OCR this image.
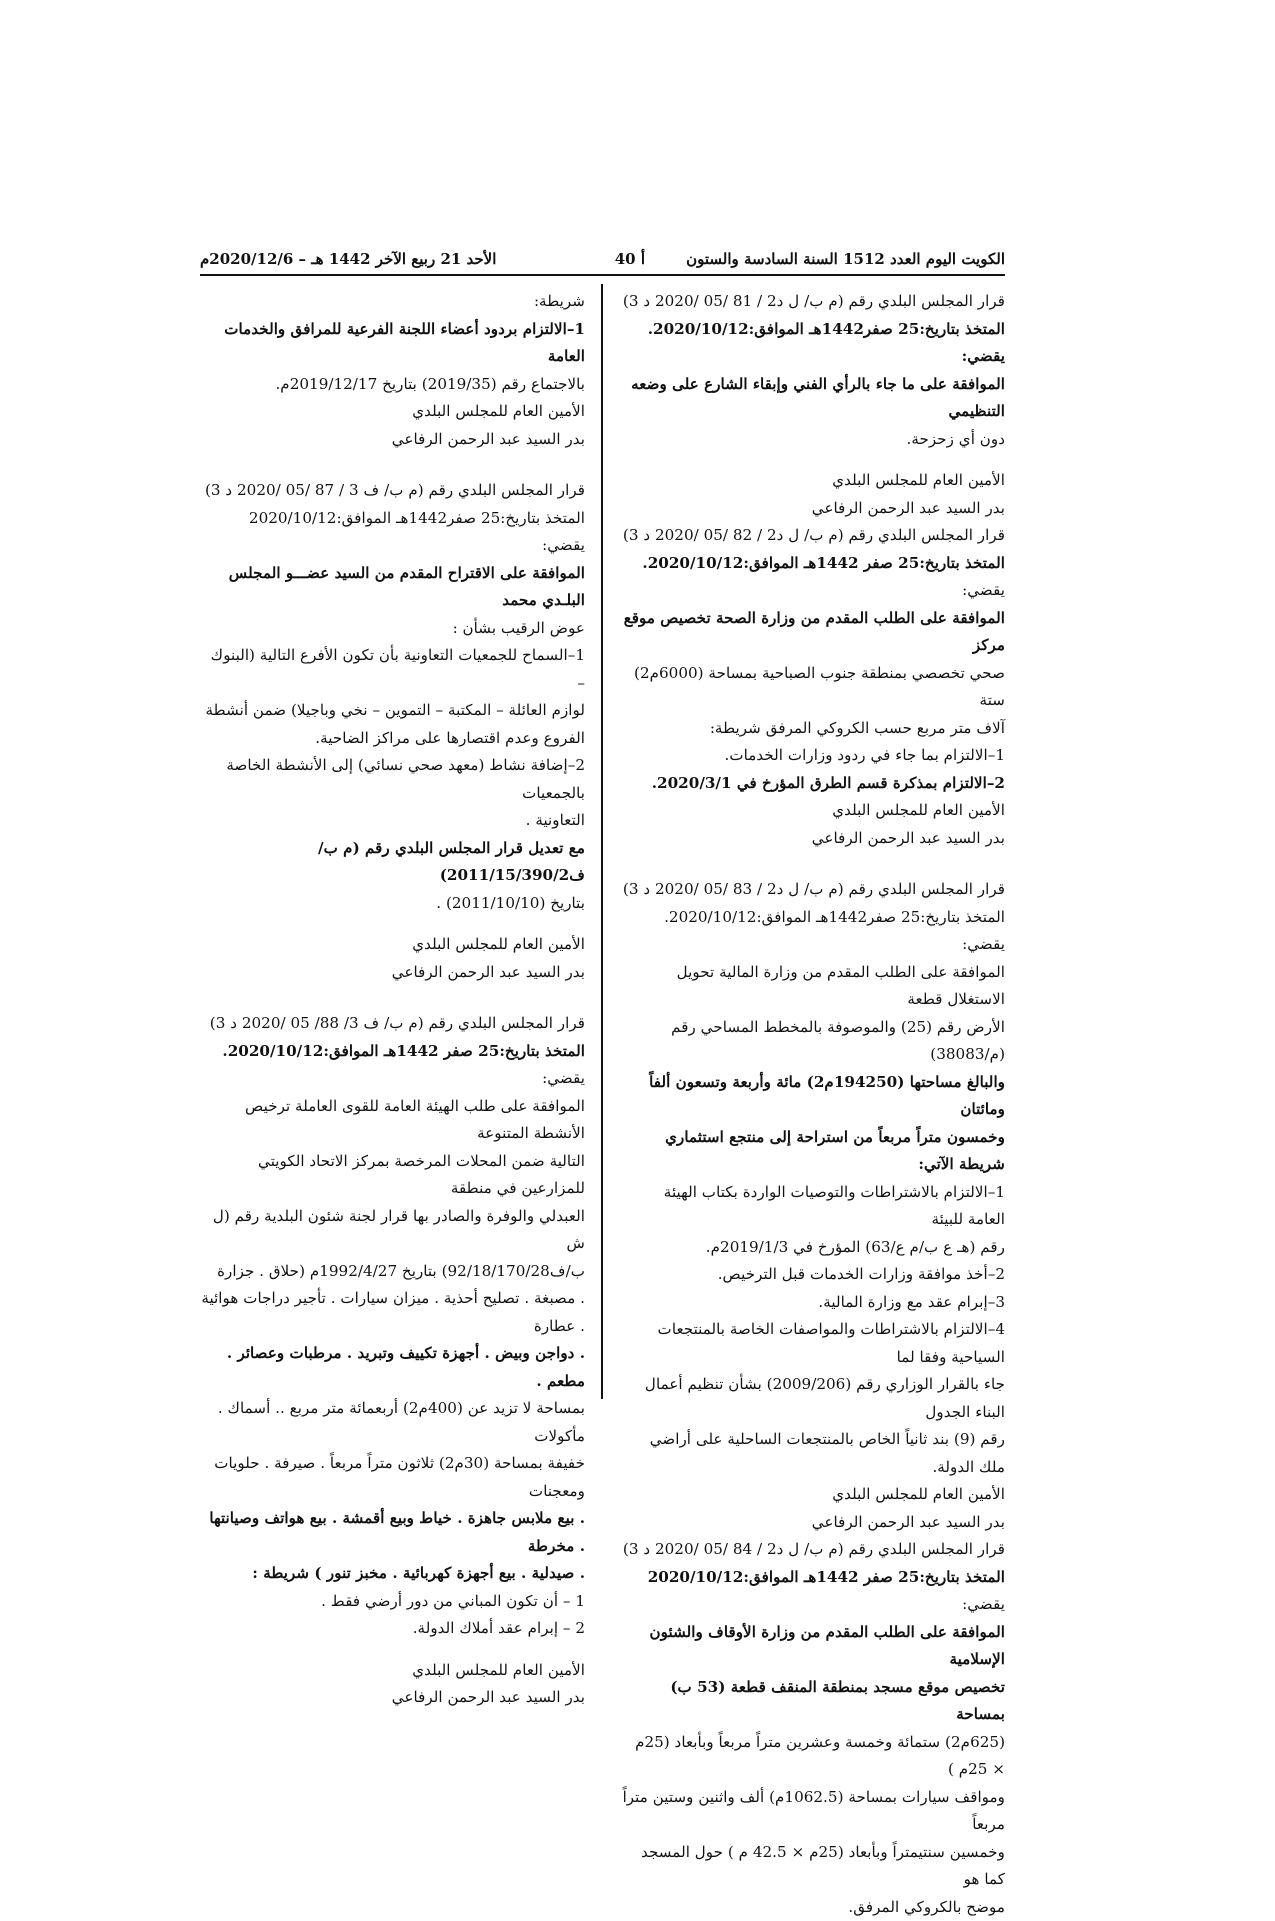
الكويت اليوم العدد 1512 السنة السادسة والستون
أ 40
الأحد 21 ربيع الآخر 1442 هـ – 2020/12/6م

قرار المجلس البلدي رقم (م ب/ ل د2 / 81 /05 /2020 د 3)

المتخذ بتاريخ:25 صفر1442هـ الموافق:2020/10/12.

يقضي:

الموافقة على ما جاء بالرأي الفني وإبقاء الشارع على وضعه التنظيمي

دون أي زحزحة.

الأمين العام للمجلس البلدي

بدر السيد عبد الرحمن الرفاعي

قرار المجلس البلدي رقم (م ب/ ل د2 / 82 /05 /2020 د 3)

المتخذ بتاريخ:25 صفر 1442هـ الموافق:2020/10/12.

يقضي:

الموافقة على الطلب المقدم من وزارة الصحة تخصيص موقع مركز

صحي تخصصي بمنطقة جنوب الصباحية بمساحة (6000م2) ستة

آلاف متر مربع حسب الكروكي المرفق شريطة:

1–الالتزام بما جاء في ردود وزارات الخدمات.

2–الالتزام بمذكرة قسم الطرق المؤرخ في 2020/3/1.

الأمين العام للمجلس البلدي

بدر السيد عبد الرحمن الرفاعي

قرار المجلس البلدي رقم (م ب/ ل د2 / 83 /05 /2020 د 3)

المتخذ بتاريخ:25 صفر1442هـ الموافق:2020/10/12.

يقضي:

الموافقة على الطلب المقدم من وزارة المالية تحويل الاستغلال قطعة

الأرض رقم (25) والموصوفة بالمخطط المساحي رقم (م/38083)

والبالغ مساحتها (194250م2) مائة وأربعة وتسعون ألفاً ومائتان

وخمسون متراً مربعاً من استراحة إلى منتجع استثماري شريطة الآتي:

1–الالتزام بالاشتراطات والتوصيات الواردة بكتاب الهيئة العامة للبيئة

رقم (هـ ع ب/م ع/63) المؤرخ في 2019/1/3م.

2–أخذ موافقة وزارات الخدمات قبل الترخيص.

3–إبرام عقد مع وزارة المالية.

4–الالتزام بالاشتراطات والمواصفات الخاصة بالمنتجعات السياحية وفقا لما

جاء بالقرار الوزاري رقم (2009/206) بشأن تنظيم أعمال البناء الجدول

رقم (9) بند ثانياً الخاص بالمنتجعات الساحلية على أراضي ملك الدولة.

الأمين العام للمجلس البلدي

بدر السيد عبد الرحمن الرفاعي

قرار المجلس البلدي رقم (م ب/ ل د2 / 84 /05 /2020 د 3)

المتخذ بتاريخ:25 صفر 1442هـ الموافق:2020/10/12

يقضي:

الموافقة على الطلب المقدم من وزارة الأوقاف والشئون الإسلامية

تخصيص موقع مسجد بمنطقة المنقف قطعة (53 ب) بمساحة

(625م2) ستمائة وخمسة وعشرين متراً مربعاً وبأبعاد (25م × 25م )

ومواقف سيارات بمساحة (1062.5م) ألف واثنين وستين متراً مربعاً

وخمسين سنتيمتراً وبأبعاد (25م × 42.5 م ) حول المسجد كما هو

موضح بالكروكي المرفق.

شريطة:

1–الالتزام بردود أعضاء اللجنة الفرعية للمرافق والخدمات العامة

بالاجتماع رقم (2019/35) بتاريخ 2019/12/17م.

الأمين العام للمجلس البلدي

بدر السيد عبد الرحمن الرفاعي

قرار المجلس البلدي رقم (م ب/ ف 3 / 87 /05 /2020 د 3)

المتخذ بتاريخ:25 صفر1442هـ الموافق:2020/10/12

يقضي:

الموافقة على الاقتراح المقدم من السيد عضـــو المجلس البلـدي محمد

عوض الرقيب بشأن :

1–السماح للجمعيات التعاونية بأن تكون الأفرع التالية (البنوك –

لوازم العائلة – المكتبة – التموين – نخي وباجيلا) ضمن أنشطة

الفروع وعدم اقتصارها على مراكز الضاحية.

2–إضافة نشاط (معهد صحي نسائي) إلى الأنشطة الخاصة بالجمعيات

التعاونية .

مع تعديل قرار المجلس البلدي رقم (م ب/ف2011/15/390/2)

بتاريخ (2011/10/10) .

الأمين العام للمجلس البلدي

بدر السيد عبد الرحمن الرفاعي

قرار المجلس البلدي رقم (م ب/ ف 3/ 88/ 05 /2020 د 3)

المتخذ بتاريخ:25 صفر 1442هـ الموافق:2020/10/12.

يقضي:

الموافقة على طلب الهيئة العامة للقوى العاملة ترخيص الأنشطة المتنوعة

التالية ضمن المحلات المرخصة بمركز الاتحاد الكويتي للمزارعين في منطقة

العبدلي والوفرة والصادر بها قرار لجنة شئون البلدية رقم (ل ش

ب/ف92/18/170/28) بتاريخ 1992/4/27م (حلاق . جزارة

. مصبغة . تصليح أحذية . ميزان سيارات . تأجير دراجات هوائية . عطارة

. دواجن وبيض . أجهزة تكييف وتبريد . مرطبات وعصائر . مطعم .

بمساحة لا تزيد عن (400م2) أربعمائة متر مربع .. أسماك . مأكولات

خفيفة بمساحة (30م2) ثلاثون متراً مربعاً . صيرفة . حلويات ومعجنات

. بيع ملابس جاهزة . خياط وبيع أقمشة . بيع هواتف وصيانتها . مخرطة

. صيدلية . بيع أجهزة كهربائية . مخبز تنور ) شريطة :

1 – أن تكون المباني من دور أرضي فقط .

2 – إبرام عقد أملاك الدولة.

الأمين العام للمجلس البلدي

بدر السيد عبد الرحمن الرفاعي
